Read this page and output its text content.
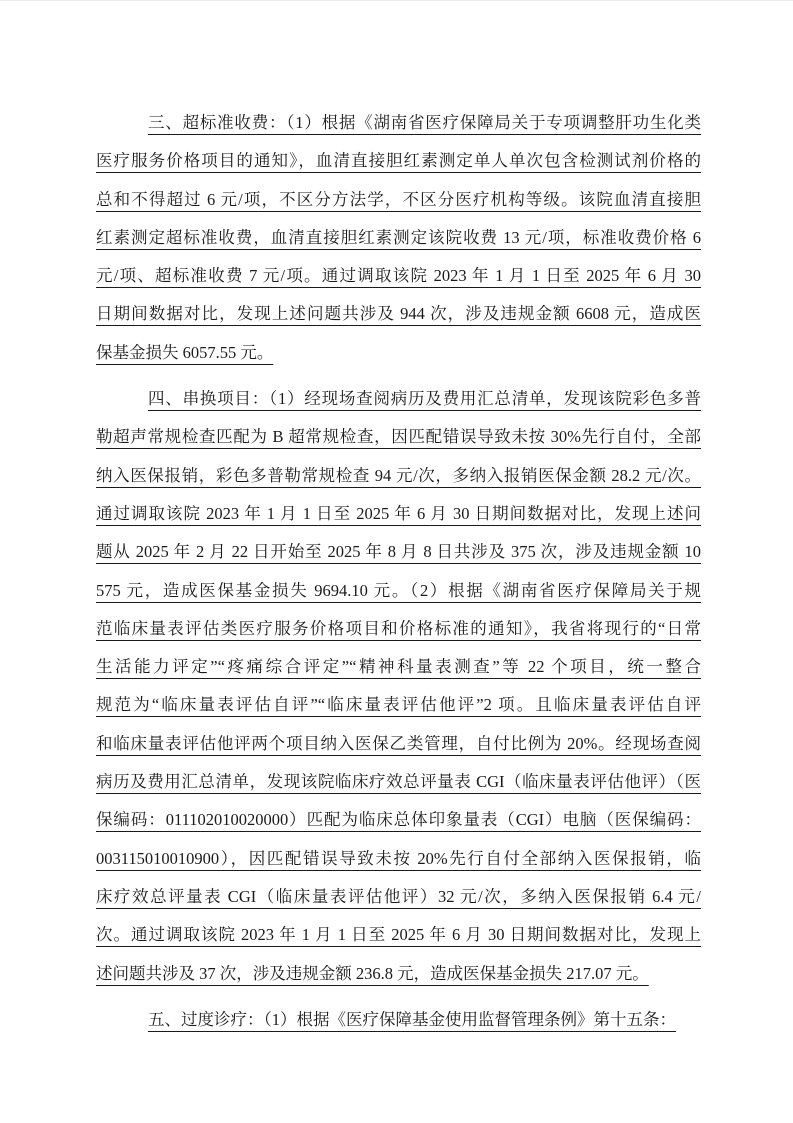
三、超标准收费：（1）根据《湖南省医疗保障局关于专项调整肝功生化类
医疗服务价格项目的通知》，血清直接胆红素测定单人单次包含检测试剂价格的
总和不得超过 6 元/项，不区分方法学，不区分医疗机构等级。该院血清直接胆
红素测定超标准收费，血清直接胆红素测定该院收费 13 元/项，标准收费价格 6
元/项、超标准收费 7 元/项。通过调取该院 2023 年 1 月 1 日至 2025 年 6 月 30
日期间数据对比，发现上述问题共涉及 944 次，涉及违规金额 6608 元，造成医
保基金损失 6057.55 元。
四、串换项目：（1）经现场查阅病历及费用汇总清单，发现该院彩色多普
勒超声常规检查匹配为 B 超常规检查，因匹配错误导致未按 30%先行自付，全部
纳入医保报销，彩色多普勒常规检查 94 元/次，多纳入报销医保金额 28.2 元/次。
通过调取该院 2023 年 1 月 1 日至 2025 年 6 月 30 日期间数据对比，发现上述问
题从 2025 年 2 月 22 日开始至 2025 年 8 月 8 日共涉及 375 次，涉及违规金额 10
575 元，造成医保基金损失 9694.10 元。（2）根据《湖南省医疗保障局关于规
范临床量表评估类医疗服务价格项目和价格标准的通知》，我省将现行的“日常
生活能力评定”“疼痛综合评定”“精神科量表测查”等 22 个项目，统一整合
规范为“临床量表评估自评”“临床量表评估他评”2 项。且临床量表评估自评
和临床量表评估他评两个项目纳入医保乙类管理，自付比例为 20%。经现场查阅
病历及费用汇总清单，发现该院临床疗效总评量表 CGI（临床量表评估他评）（医
保编码：011102010020000）匹配为临床总体印象量表（CGI）电脑（医保编码：
003115010010900），因匹配错误导致未按 20%先行自付全部纳入医保报销，临
床疗效总评量表 CGI（临床量表评估他评）32 元/次，多纳入医保报销 6.4 元/
次。通过调取该院 2023 年 1 月 1 日至 2025 年 6 月 30 日期间数据对比，发现上
述问题共涉及 37 次，涉及违规金额 236.8 元，造成医保基金损失 217.07 元。
五、过度诊疗：（1）根据《医疗保障基金使用监督管理条例》第十五条：
